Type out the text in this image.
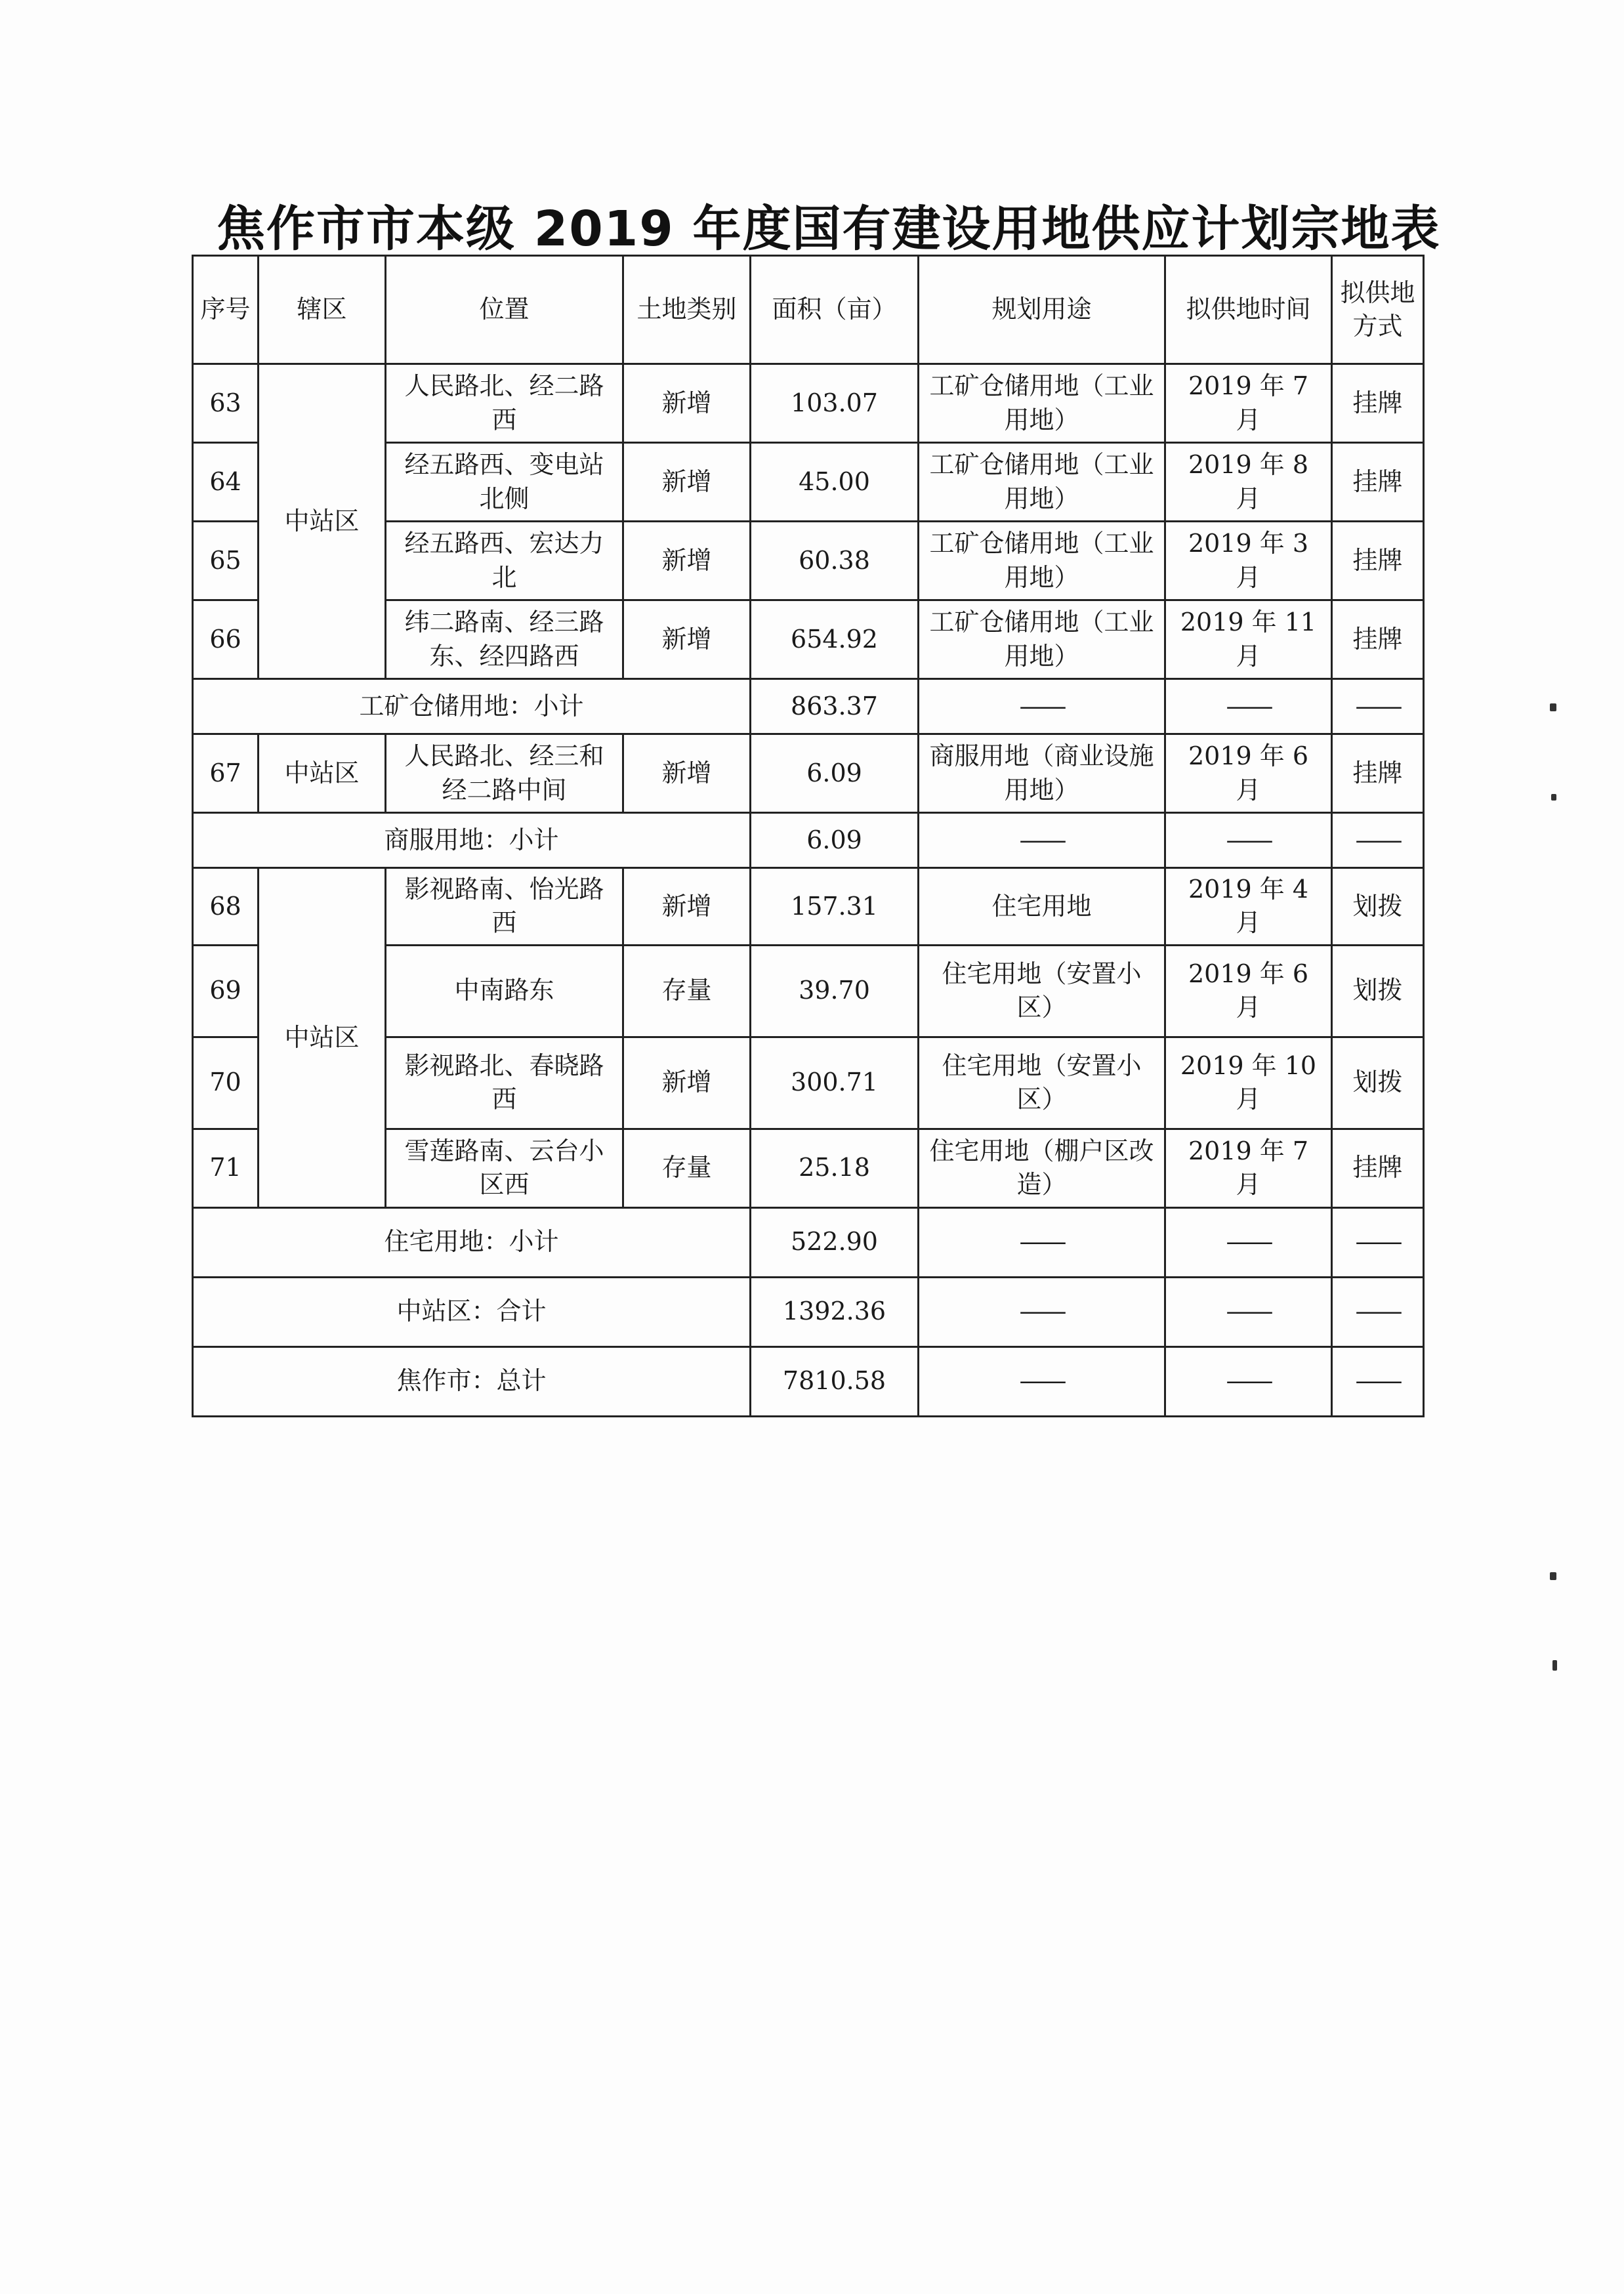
焦作市市本级 2019 年度国有建设用地供应计划宗地表
序号	辖区	位置	土地类别	面积（亩）	规划用途	拟供地时间	拟供地方式
63	中站区	人民路北、经二路西	新增	103.07	工矿仓储用地（工业用地）	2019 年 7 月	挂牌
64		经五路西、变电站北侧	新增	45.00	工矿仓储用地（工业用地）	2019 年 8 月	挂牌
65		经五路西、宏达力北	新增	60.38	工矿仓储用地（工业用地）	2019 年 3 月	挂牌
66		纬二路南、经三路东、经四路西	新增	654.92	工矿仓储用地（工业用地）	2019 年 11 月	挂牌
工矿仓储用地：小计				863.37	——	——	——
67	中站区	人民路北、经三和经二路中间	新增	6.09	商服用地（商业设施用地）	2019 年 6 月	挂牌
商服用地：小计				6.09	——	——	——
68	中站区	影视路南、怡光路西	新增	157.31	住宅用地	2019 年 4 月	划拨
69		中南路东	存量	39.70	住宅用地（安置小区）	2019 年 6 月	划拨
70		影视路北、春晓路西	新增	300.71	住宅用地（安置小区）	2019 年 10 月	划拨
71		雪莲路南、云台小区西	存量	25.18	住宅用地（棚户区改造）	2019 年 7 月	挂牌
住宅用地：小计				522.90	——	——	——
中站区：合计				1392.36	——	——	——
焦作市：总计				7810.58	——	——	——
